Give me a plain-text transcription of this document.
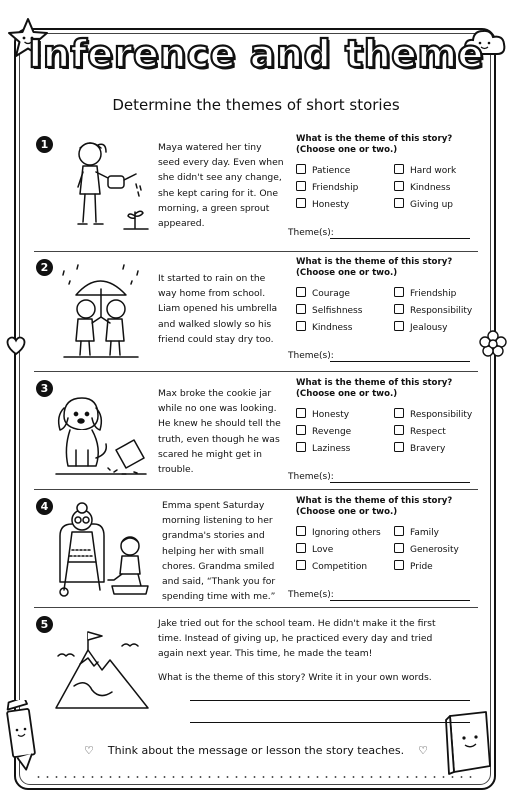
Inference and theme
Determine the themes of short stories
1	Maya watered her tiny seed every day. Even when she didn't see any change, she kept caring for it. One morning, a green sprout appeared.
What is the theme of this story? (Choose one or two.)
Patience	Hard work
Friendship	Kindness
Honesty	Giving up
Theme(s):
2
It started to rain on the way home from school. Liam opened his umbrella and walked slowly so his friend could stay dry too.
What is the theme of this story? (Choose one or two.)
Courage	Friendship
Selfishness	Responsibility
Kindness	Jealousy
Theme(s):
3	Max broke the cookie jar while no one was looking. He knew he should tell the truth, even though he was scared he might get in trouble.
What is the theme of this story? (Choose one or two.)
Honesty	Responsibility
Revenge	Respect
Laziness	Bravery
Theme(s):
4	Emma spent Saturday morning listening to her grandma's stories and helping her with small chores. Grandma smiled and said, “Thank you for spending time with me.”
What is the theme of this story? (Choose one or two.)
Ignoring others	Family
Love	Generosity
Competition	Pride
Theme(s):
5	Jake tried out for the school team. He didn't make it the first time. Instead of giving up, he practiced every day and tried again next year. This time, he made the team!
What is the theme of this story? Write it in your own words.
♡ Think about the message or lesson the story teaches. ♡
